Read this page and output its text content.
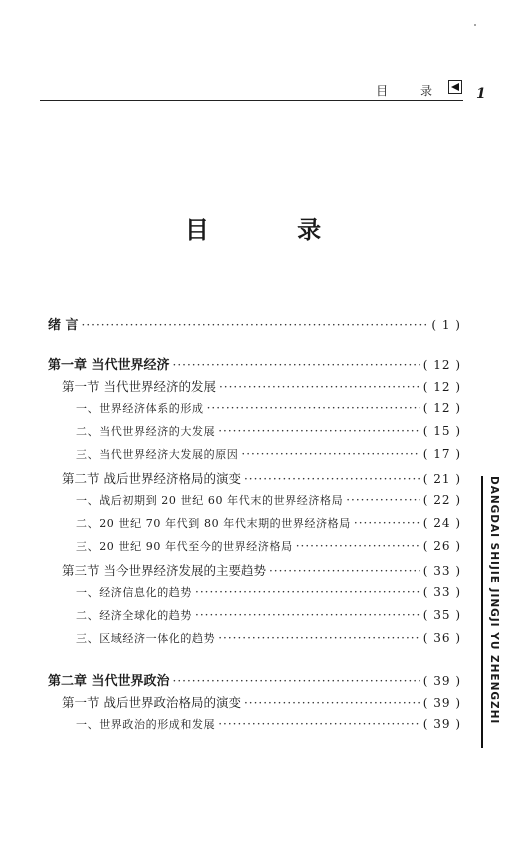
目 录 1
目 录
绪 言 ·····	( 1 )
第一章 当代世界经济 ·····	( 12 )
第一节 当代世界经济的发展 ·····	( 12 )
一、世界经济体系的形成 ·····	( 12 )
二、当代世界经济的大发展 ·····	( 15 )
三、当代世界经济大发展的原因 ·····	( 17 )
第二节 战后世界经济格局的演变 ·····	( 21 )
一、战后初期到 20 世纪 60 年代末的世界经济格局 ·····	( 22 )
二、20 世纪 70 年代到 80 年代末期的世界经济格局 ·····	( 24 )
三、20 世纪 90 年代至今的世界经济格局 ·····	( 26 )
第三节 当今世界经济发展的主要趋势 ·····	( 33 )
一、经济信息化的趋势 ·····	( 33 )
二、经济全球化的趋势 ·····	( 35 )
三、区域经济一体化的趋势 ·····	( 36 )
第二章 当代世界政治 ·····	( 39 )
第一节 战后世界政治格局的演变 ·····	( 39 )
一、世界政治的形成和发展 ·····	( 39 )	DANGDAI SHIJIE JINGJI YU ZHENGZHI
